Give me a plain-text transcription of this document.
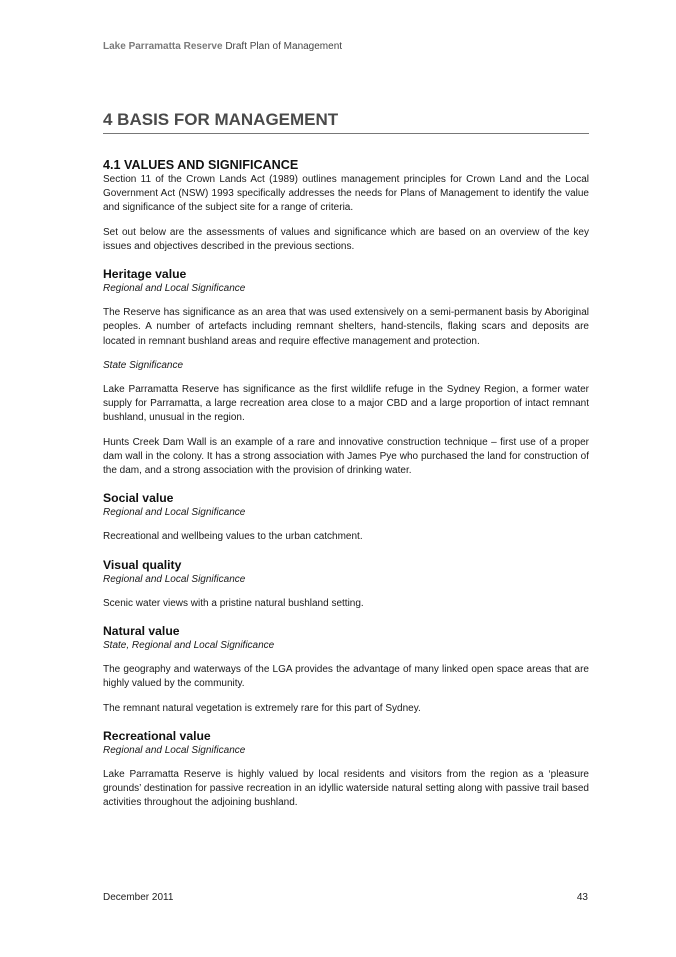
Lake Parramatta Reserve Draft Plan of Management
4 BASIS FOR MANAGEMENT
4.1 VALUES AND SIGNIFICANCE

Section 11 of the Crown Lands Act (1989) outlines management principles for Crown Land and the Local Government Act (NSW) 1993 specifically addresses the needs for Plans of Management to identify the value and significance of the subject site for a range of criteria.

Set out below are the assessments of values and significance which are based on an overview of the key issues and objectives described in the previous sections.

Heritage value

Regional and Local Significance

The Reserve has significance as an area that was used extensively on a semi-permanent basis by Aboriginal peoples. A number of artefacts including remnant shelters, hand-stencils, flaking scars and deposits are located in remnant bushland areas and require effective management and protection.

State Significance

Lake Parramatta Reserve has significance as the first wildlife refuge in the Sydney Region, a former water supply for Parramatta, a large recreation area close to a major CBD and a large proportion of intact remnant bushland, unusual in the region.

Hunts Creek Dam Wall is an example of a rare and innovative construction technique – first use of a proper dam wall in the colony. It has a strong association with James Pye who purchased the land for construction of the dam, and a strong association with the provision of drinking water.

Social value

Regional and Local Significance

Recreational and wellbeing values to the urban catchment.

Visual quality

Regional and Local Significance

Scenic water views with a pristine natural bushland setting.

Natural value

State, Regional and Local Significance

The geography and waterways of the LGA provides the advantage of many linked open space areas that are highly valued by the community.

The remnant natural vegetation is extremely rare for this part of Sydney.

Recreational value

Regional and Local Significance

Lake Parramatta Reserve is highly valued by local residents and visitors from the region as a ‘pleasure grounds’ destination for passive recreation in an idyllic waterside natural setting along with passive trail based activities throughout the adjoining bushland.

December 2011	43
